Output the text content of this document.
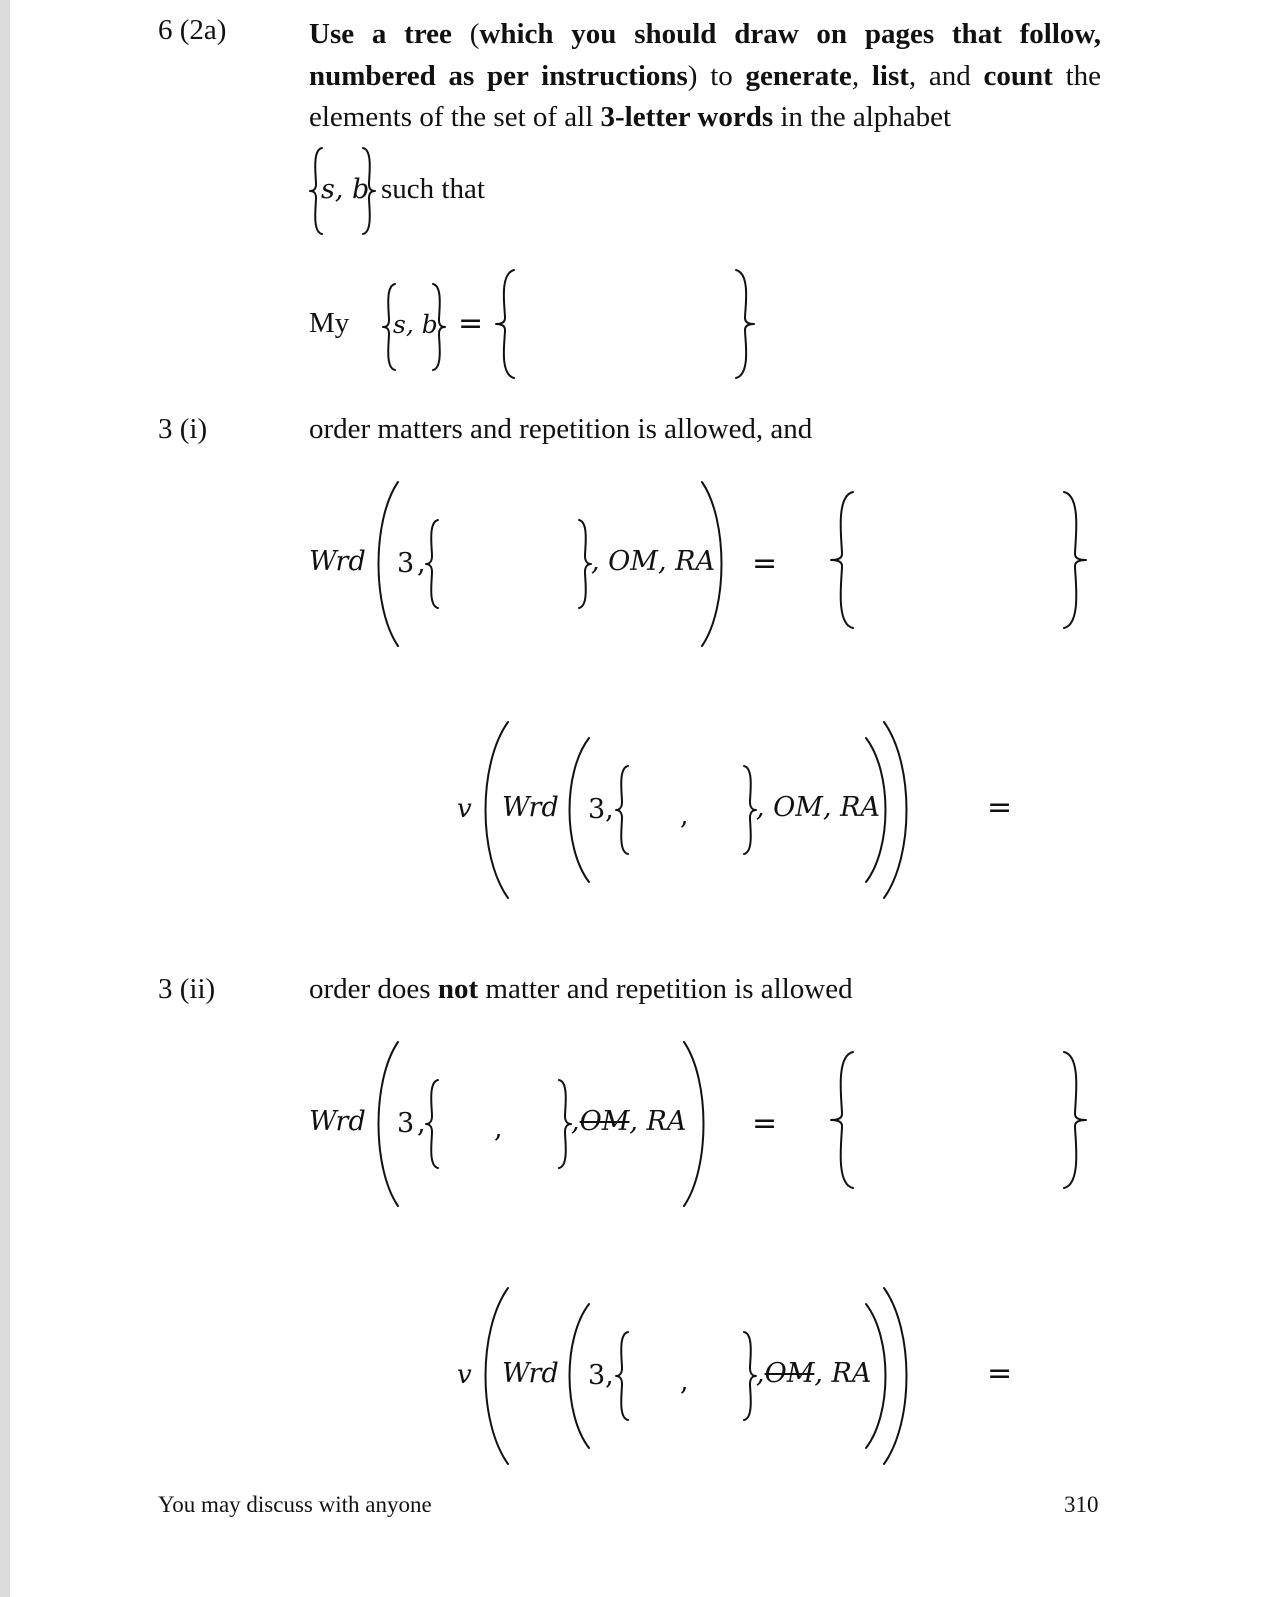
6 (2a)	Use a tree (which you should draw on pages that follow, numbered as per instructions) to generate, list, and count the elements of the set of all 3-letter words in the alphabet
s, b such that
My s, b =
3 (i)	order matters and repetition is allowed, and
Wrd 3 ,	, OM, RA =
v Wrd 3, , , OM, RA	=
3 (ii)	order does not matter and repetition is allowed
Wrd 3 ,	,	,OM, RA =
v Wrd 3, , ,OM, RA	=
You may discuss with anyone	310
